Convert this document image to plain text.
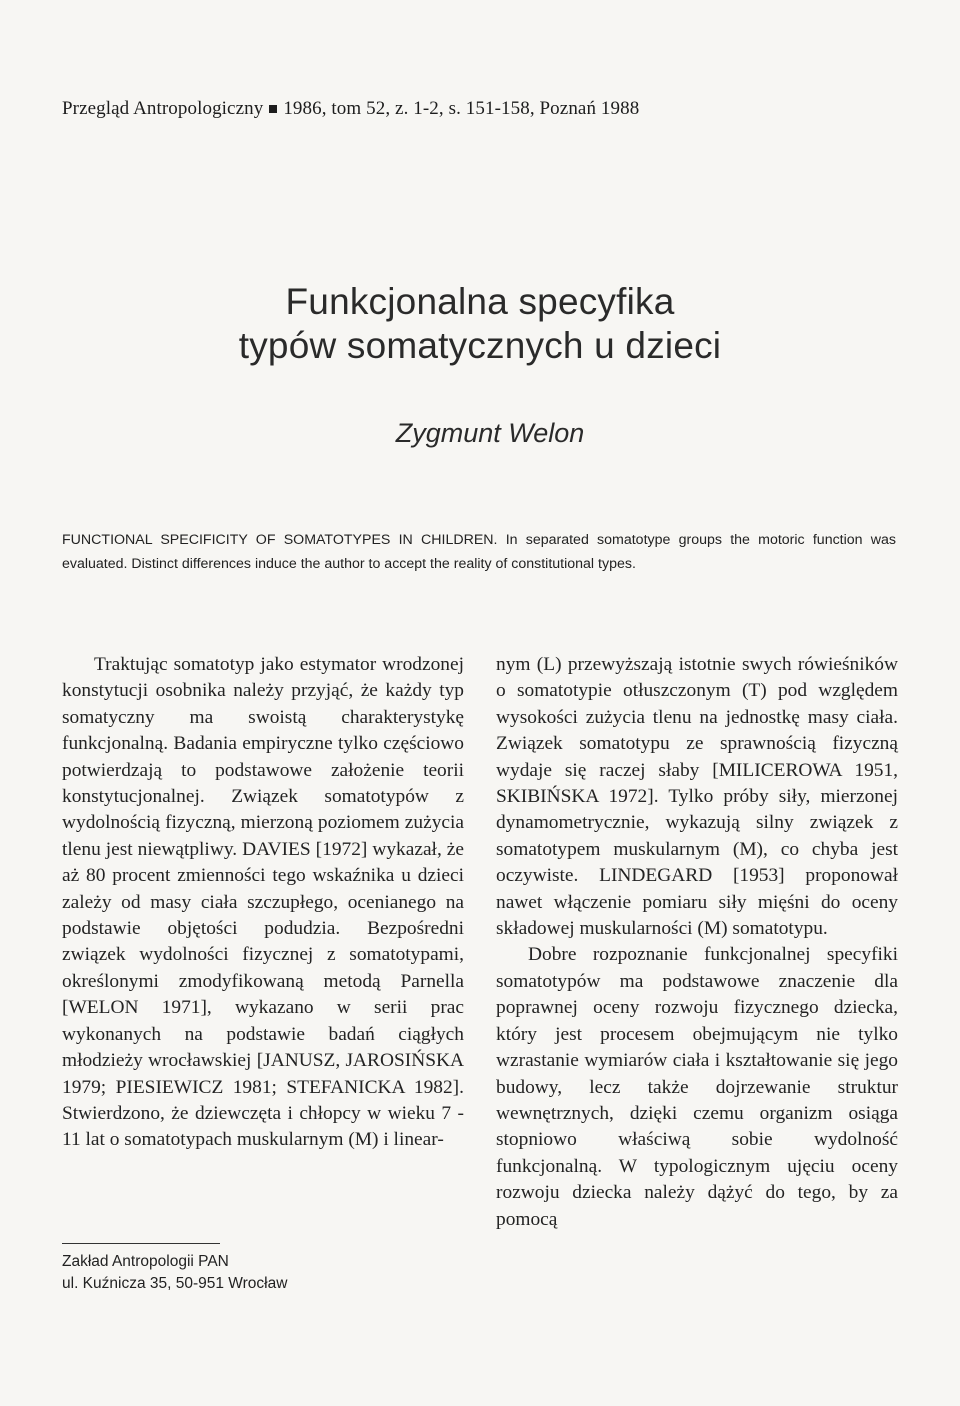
Przegląd Antropologiczny 1986, tom 52, z. 1-2, s. 151-158, Poznań 1988
Funkcjonalna specyfika
typów somatycznych u dzieci
Zygmunt Welon
FUNCTIONAL SPECIFICITY OF SOMATOTYPES IN CHILDREN. In separated somatotype groups the motoric function was evaluated. Distinct differences induce the author to accept the reality of constitutional types.

Traktując somatotyp jako estymator wrodzonej konstytucji osobnika należy przyjąć, że każdy typ somatyczny ma swoistą charakterystykę funkcjonalną. Badania empiryczne tylko częściowo potwierdzają to podstawowe założenie teorii konstytucjonalnej. Związek somatotypów z wydolnością fizyczną, mierzoną poziomem zużycia tlenu jest niewątpliwy. DAVIES [1972] wykazał, że aż 80 procent zmienności tego wskaźnika u dzieci zależy od masy ciała szczupłego, ocenianego na podstawie objętości podudzia. Bezpośredni związek wydolności fizycznej z somatotypami, określonymi zmodyfikowaną metodą Parnella [WELON 1971], wykazano w serii prac wykonanych na podstawie badań ciągłych młodzieży wrocławskiej [JANUSZ, JAROSIŃSKA 1979; PIESIEWICZ 1981; STEFANICKA 1982]. Stwierdzono, że dziewczęta i chłopcy w wieku 7 - 11 lat o somatotypach muskularnym (M) i linear-

nym (L) przewyższają istotnie swych rówieśników o somatotypie otłuszczonym (T) pod względem wysokości zużycia tlenu na jednostkę masy ciała. Związek somatotypu ze sprawnością fizyczną wydaje się raczej słaby [MILICEROWA 1951, SKIBIŃSKA 1972]. Tylko próby siły, mierzonej dynamometrycznie, wykazują silny związek z somatotypem muskularnym (M), co chyba jest oczywiste. LINDEGARD [1953] proponował nawet włączenie pomiaru siły mięśni do oceny składowej muskularności (M) somatotypu.

Dobre rozpoznanie funkcjonalnej specyfiki somatotypów ma podstawowe znaczenie dla poprawnej oceny rozwoju fizycznego dziecka, który jest procesem obejmującym nie tylko wzrastanie wymiarów ciała i kształtowanie się jego budowy, lecz także dojrzewanie struktur wewnętrznych, dzięki czemu organizm osiąga stopniowo właściwą sobie wydolność funkcjonalną. W typologicznym ujęciu oceny rozwoju dziecka należy dążyć do tego, by za pomocą

Zakład Antropologii PAN
ul. Kuźnicza 35, 50-951 Wrocław
